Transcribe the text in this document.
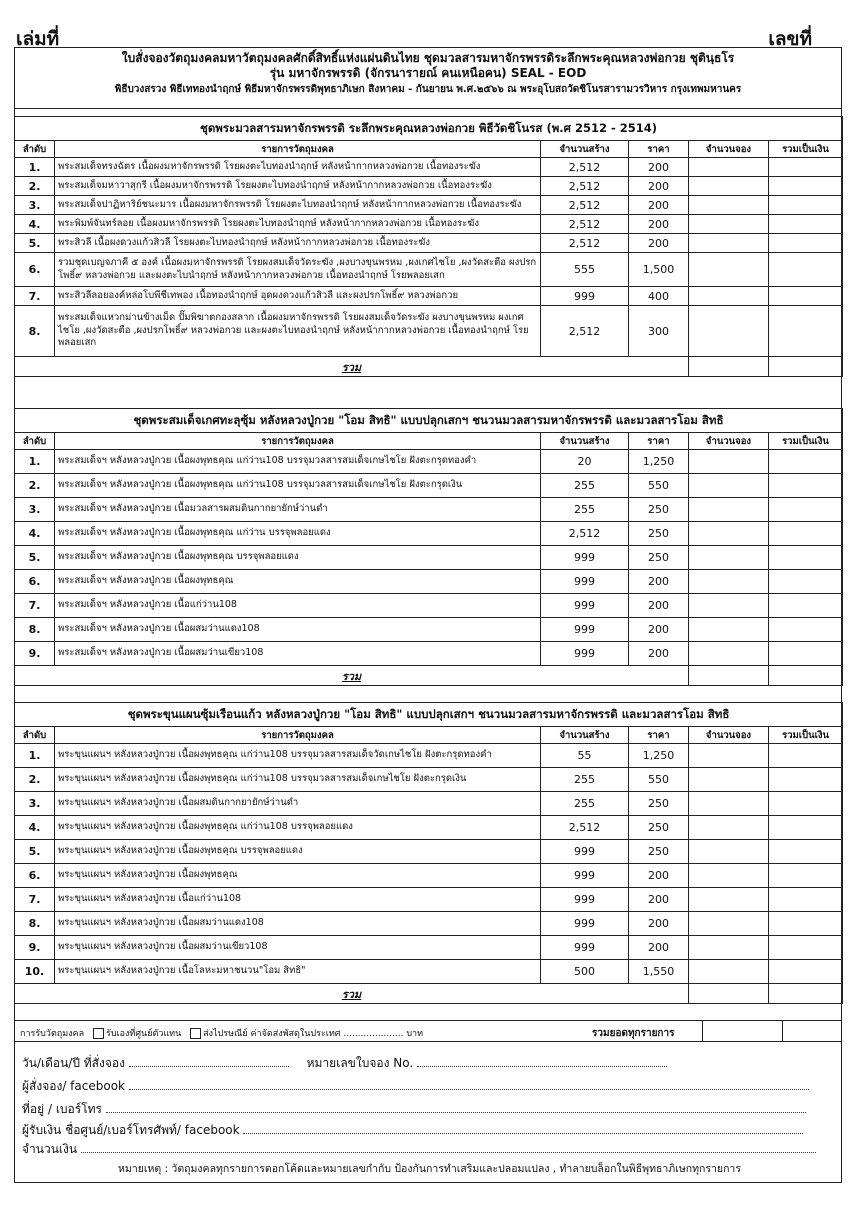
เล่มที่	เลขที่
ใบสั่งจองวัตถุมงคลมหาวัตถุมงคลศักดิ์สิทธิ์แห่งแผ่นดินไทย ชุดมวลสารมหาจักรพรรดิระลึกพระคุณหลวงพ่อกวย ชุตินฺธโร
รุ่น มหาจักรพรรดิ (จักรนารายณ์ คนเหนือคน) SEAL - EOD
พิธีบวงสรวง พิธีเททองนำฤกษ์ พิธีมหาจักรพรรดิพุทธาภิเษก สิงหาคม - กันยายน พ.ศ.๒๕๖๖ ณ พระอุโบสถวัดชิโนรสารามวรวิหาร กรุงเทพมหานคร
ชุดพระมวลสารมหาจักรพรรดิ ระลึกพระคุณหลวงพ่อกวย พิธีวัดชิโนรส (พ.ศ 2512 - 2514)					
ลำดับ	รายการวัตถุมงคล	จำนวนสร้าง	ราคา	จำนวนจอง	รวมเป็นเงิน
1.	พระสมเด็จทรงฉัตร เนื้อผงมหาจักรพรรดิ โรยผงตะไบทองนำฤกษ์ หลังหน้ากากหลวงพ่อกวย เนื้อทองระฆัง	2,512	200		
2.	พระสมเด็จมหาวาสุกรี เนื้อผงมหาจักรพรรดิ โรยผงตะไบทองนำฤกษ์ หลังหน้ากากหลวงพ่อกวย เนื้อทองระฆัง	2,512	200		
3.	พระสมเด็จปาฏิหาริย์ชนะมาร เนื้อผงมหาจักรพรรดิ โรยผงตะไบทองนำฤกษ์ หลังหน้ากากหลวงพ่อกวย เนื้อทองระฆัง	2,512	200		
4.	พระพิมพ์จันทร์ลอย เนื้อผงมหาจักรพรรดิ โรยผงตะไบทองนำฤกษ์ หลังหน้ากากหลวงพ่อกวย เนื้อทองระฆัง	2,512	200		
5.	พระสิวลี เนื้อผงดวงแก้วสิวลี โรยผงตะไบทองนำฤกษ์ หลังหน้ากากหลวงพ่อกวย เนื้อทองระฆัง	2,512	200		
6.	รวมชุดเบญจภาคี ๕ องค์ เนื้อผงมหาจักรพรรดิ โรยผงสมเด็จวัดระฆัง ,ผงบางขุนพรหม ,ผงเกศไชโย ,ผงวัดสะตือ ผงปรกโพธิ์๙ หลวงพ่อกวย และผงตะไบนำฤกษ์ หลังหน้ากากหลวงพ่อกวย เนื้อทองนำฤกษ์ โรยพลอยเสก	555	1,500		
7.	พระสิวลีลอยองค์หล่อโบพีชีเทพอง เนื้อทองนำฤกษ์ อุดผงดวงแก้วสิวลี และผงปรกโพธิ์๙ หลวงพ่อกวย	999	400		
8.	พระสมเด็จแหวกม่านข้างเม็ด ปั๊มพิฆาตกองสลาก เนื้อผงมหาจักรพรรดิ โรยผงสมเด็จวัดระฆัง ผงบางขุนพรหม ผงเกศไชโย ,ผงวัดสะตือ ,ผงปรกโพธิ์๙ หลวงพ่อกวย และผงตะไบทองนำฤกษ์ หลังหน้ากากหลวงพ่อกวย เนื้อทองนำฤกษ์ โรยพลอยเสก	2,512	300		
รวม					
ชุดพระสมเด็จเกศทะลุซุ้ม หลังหลวงปู่กวย "โอม สิทธิ" แบบปลุกเสกฯ ชนวนมวลสารมหาจักรพรรดิ และมวลสารโอม สิทธิ					
ลำดับ	รายการวัตถุมงคล	จำนวนสร้าง	ราคา	จำนวนจอง	รวมเป็นเงิน
1.	พระสมเด็จฯ หลังหลวงปู่กวย เนื้อผงพุทธคุณ แก่ว่าน108 บรรจุมวลสารสมเด็จเกษไชโย ฝังตะกรุดทองคำ	20	1,250		
2.	พระสมเด็จฯ หลังหลวงปู่กวย เนื้อผงพุทธคุณ แก่ว่าน108 บรรจุมวลสารสมเด็จเกษไชโย ฝังตะกรุดเงิน	255	550		
3.	พระสมเด็จฯ หลังหลวงปู่กวย เนื้อมวลสารผสมดินกากยายักษ์ว่านดำ	255	250		
4.	พระสมเด็จฯ หลังหลวงปู่กวย เนื้อผงพุทธคุณ แก่ว่าน บรรจุพลอยแดง	2,512	250		
5.	พระสมเด็จฯ หลังหลวงปู่กวย เนื้อผงพุทธคุณ บรรจุพลอยแดง	999	250		
6.	พระสมเด็จฯ หลังหลวงปู่กวย เนื้อผงพุทธคุณ	999	200		
7.	พระสมเด็จฯ หลังหลวงปู่กวย เนื้อแก่ว่าน108	999	200		
8.	พระสมเด็จฯ หลังหลวงปู่กวย เนื้อผสมว่านแดง108	999	200		
9.	พระสมเด็จฯ หลังหลวงปู่กวย เนื้อผสมว่านเขียว108	999	200		
รวม					
ชุดพระขุนแผนซุ้มเรือนแก้ว หลังหลวงปู่กวย "โอม สิทธิ" แบบปลุกเสกฯ ชนวนมวลสารมหาจักรพรรดิ และมวลสารโอม สิทธิ					
ลำดับ	รายการวัตถุมงคล	จำนวนสร้าง	ราคา	จำนวนจอง	รวมเป็นเงิน
1.	พระขุนแผนฯ หลังหลวงปู่กวย เนื้อผงพุทธคุณ แก่ว่าน108 บรรจุมวลสารสมเด็จวัดเกษไชโย ฝังตะกรุดทองคำ	55	1,250		
2.	พระขุนแผนฯ หลังหลวงปู่กวย เนื้อผงพุทธคุณ แก่ว่าน108 บรรจุมวลสารสมเด็จเกษไชโย ฝังตะกรุดเงิน	255	550		
3.	พระขุนแผนฯ หลังหลวงปู่กวย เนื้อผสมดินกากยายักษ์ว่านดำ	255	250		
4.	พระขุนแผนฯ หลังหลวงปู่กวย เนื้อผงพุทธคุณ แก่ว่าน108 บรรจุพลอยแดง	2,512	250		
5.	พระขุนแผนฯ หลังหลวงปู่กวย เนื้อผงพุทธคุณ บรรจุพลอยแดง	999	250		
6.	พระขุนแผนฯ หลังหลวงปู่กวย เนื้อผงพุทธคุณ	999	200		
7.	พระขุนแผนฯ หลังหลวงปู่กวย เนื้อแก่ว่าน108	999	200		
8.	พระขุนแผนฯ หลังหลวงปู่กวย เนื้อผสมว่านแดง108	999	200		
9.	พระขุนแผนฯ หลังหลวงปู่กวย เนื้อผสมว่านเขียว108	999	200		
10.	พระขุนแผนฯ หลังหลวงปู่กวย เนื้อโลหะมหาชนวน"โอม สิทธิ"	500	1,550		
รวม					
การรับวัตถุมงคล รับเองที่ศูนย์ตัวแทน ส่งไปรษณีย์ ค่าจัดส่งพัสดุในประเทศ ..................... บาท	รวมยอดทุกรายการ
วัน/เดือน/ปี ที่สั่งจอง	หมายเลขใบจอง No.
ผู้สั่งจอง/ facebook
ที่อยู่ / เบอร์โทร
ผู้รับเงิน ชื่อศูนย์/เบอร์โทรศัพท์/ facebook
จำนวนเงิน
หมายเหตุ : วัตถุมงคลทุกรายการตอกโค้ดและหมายเลขกำกับ ป้องกันการทำเสริมและปลอมแปลง , ทำลายบล็อกในพิธีพุทธาภิเษกทุกรายการ
